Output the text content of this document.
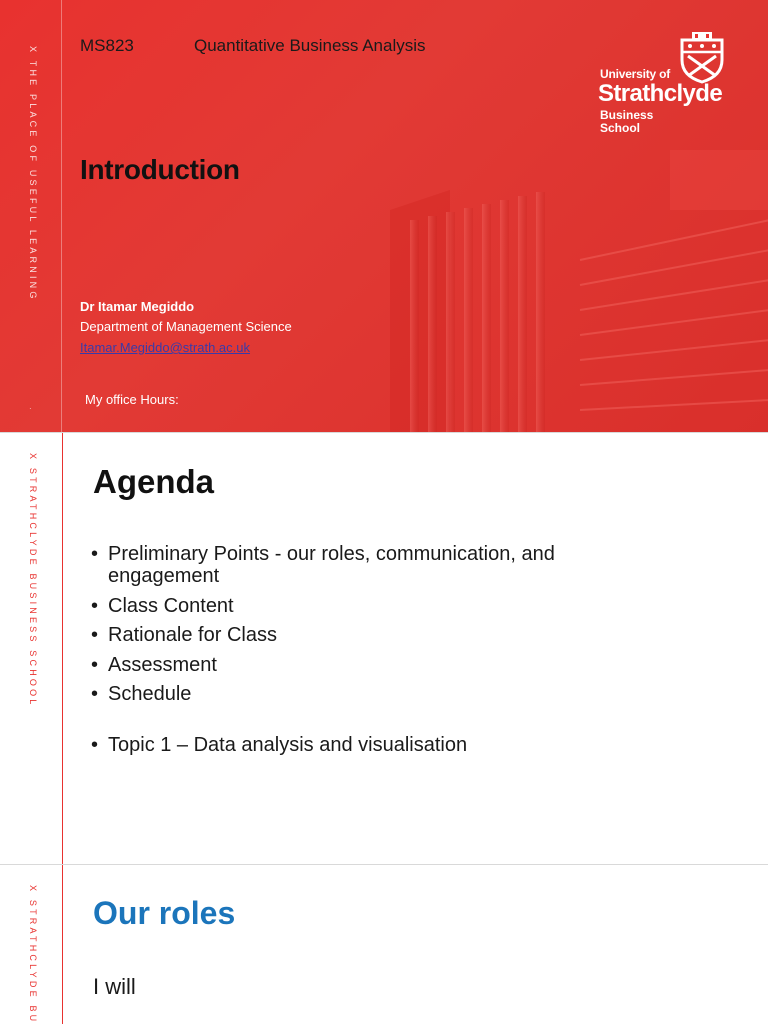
X THE PLACE OF USEFUL LEARNING
·
MS823	Quantitative Business Analysis
Introduction
Dr Itamar Megiddo
Department of Management Science
Itamar.Megiddo@strath.ac.uk
My office Hours:
University of
Strathclyde
Business
School
X STRATHCLYDE BUSINESS SCHOOL Agenda
• Preliminary Points - our roles, communication, and engagement
• Class Content
• Rationale for Class
• Assessment
• Schedule
• Topic 1 – Data analysis and visualisation
X STRATHCLYDE BU Our roles
I will
